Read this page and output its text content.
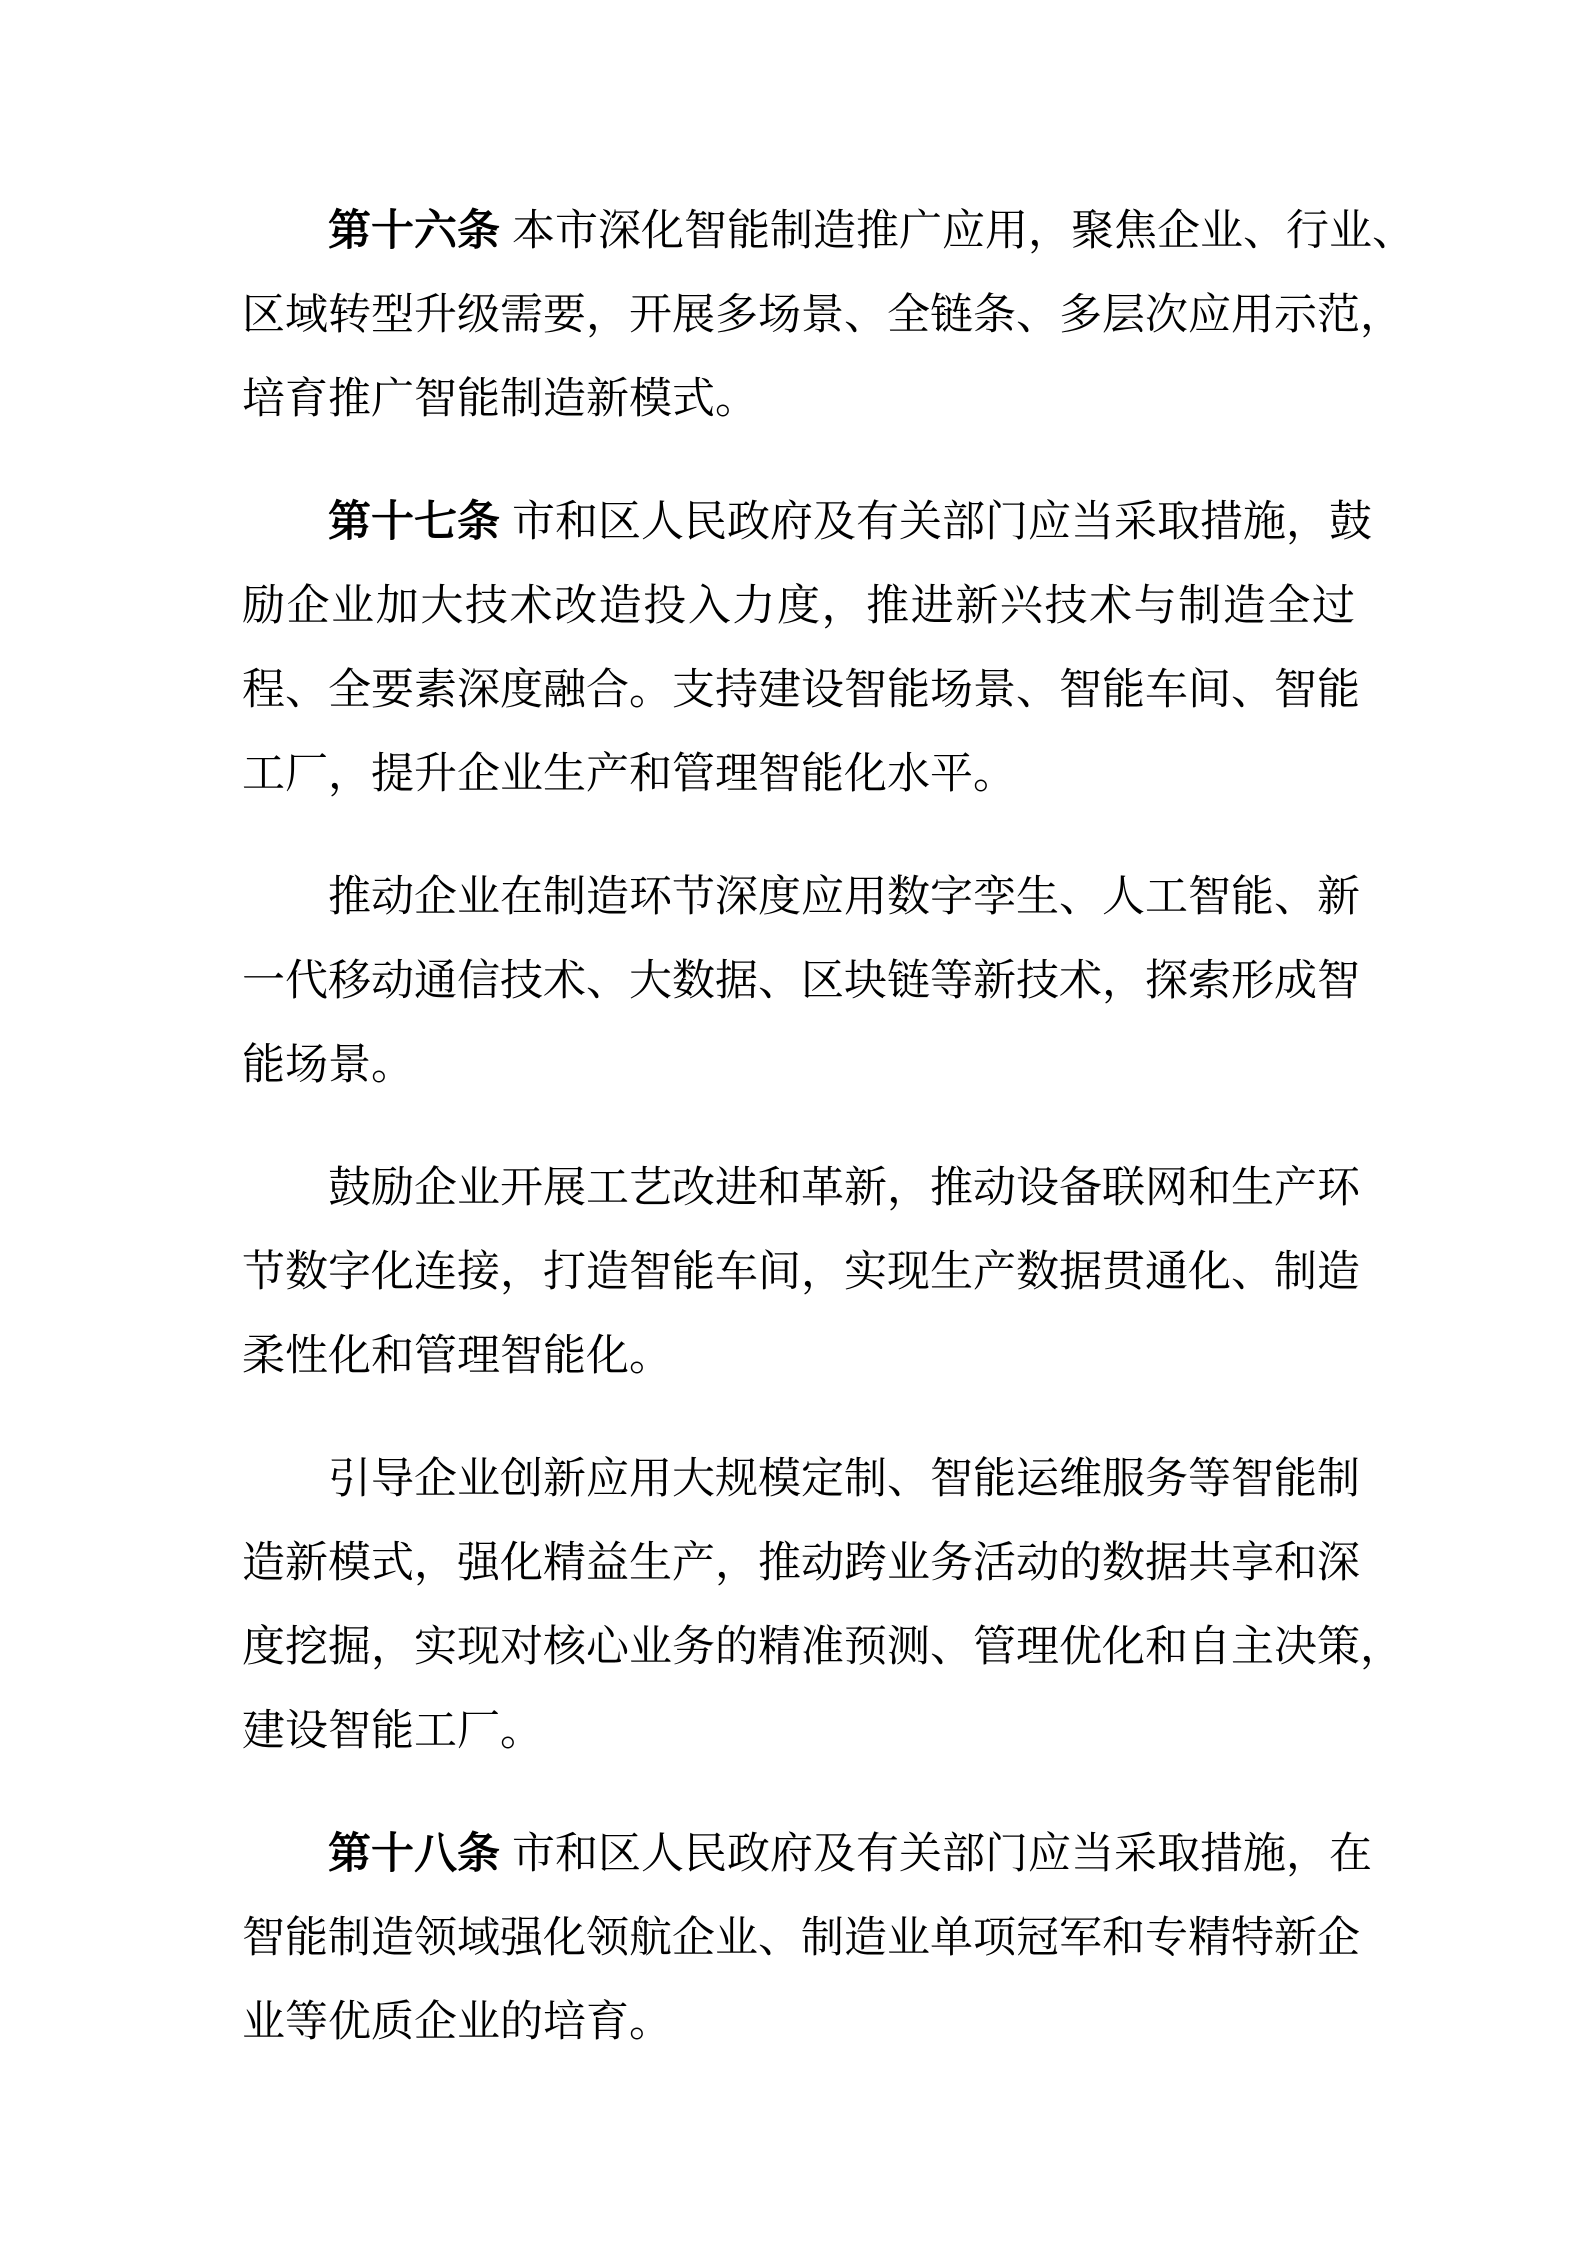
第十六条 本市深化智能制造推广应用，聚焦企业、行业、
区域转型升级需要，开展多场景、全链条、多层次应用示范，
培育推广智能制造新模式。
第十七条 市和区人民政府及有关部门应当采取措施，鼓
励企业加大技术改造投入力度，推进新兴技术与制造全过
程、全要素深度融合。支持建设智能场景、智能车间、智能
工厂，提升企业生产和管理智能化水平。
推动企业在制造环节深度应用数字孪生、人工智能、新
一代移动通信技术、大数据、区块链等新技术，探索形成智
能场景。
鼓励企业开展工艺改进和革新，推动设备联网和生产环
节数字化连接，打造智能车间，实现生产数据贯通化、制造
柔性化和管理智能化。
引导企业创新应用大规模定制、智能运维服务等智能制
造新模式，强化精益生产，推动跨业务活动的数据共享和深
度挖掘，实现对核心业务的精准预测、管理优化和自主决策，
建设智能工厂。
第十八条 市和区人民政府及有关部门应当采取措施，在
智能制造领域强化领航企业、制造业单项冠军和专精特新企
业等优质企业的培育。
